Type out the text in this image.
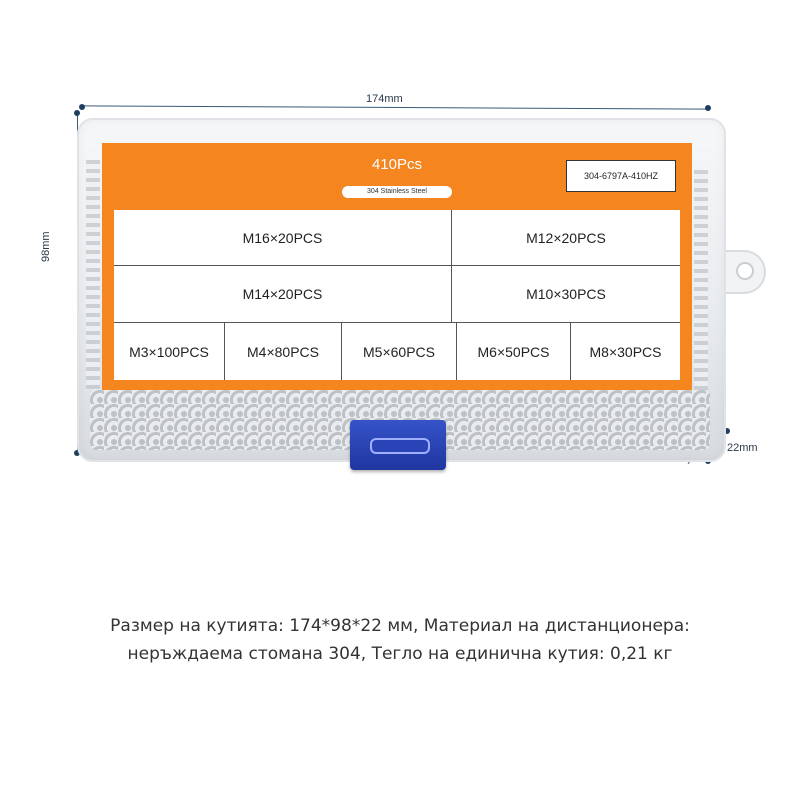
174mm
98mm
22mm
410Pcs
304 Stainless Steel
304-6797A-410HZ
M16×20PCS	M12×20PCS
M14×20PCS	M10×30PCS
M3×100PCS	M4×80PCS	M5×60PCS	M6×50PCS	M8×30PCS
Размер на кутията: 174*98*22 мм, Материал на дистанционера:
неръждаема стомана 304, Тегло на единична кутия: 0,21 кг
